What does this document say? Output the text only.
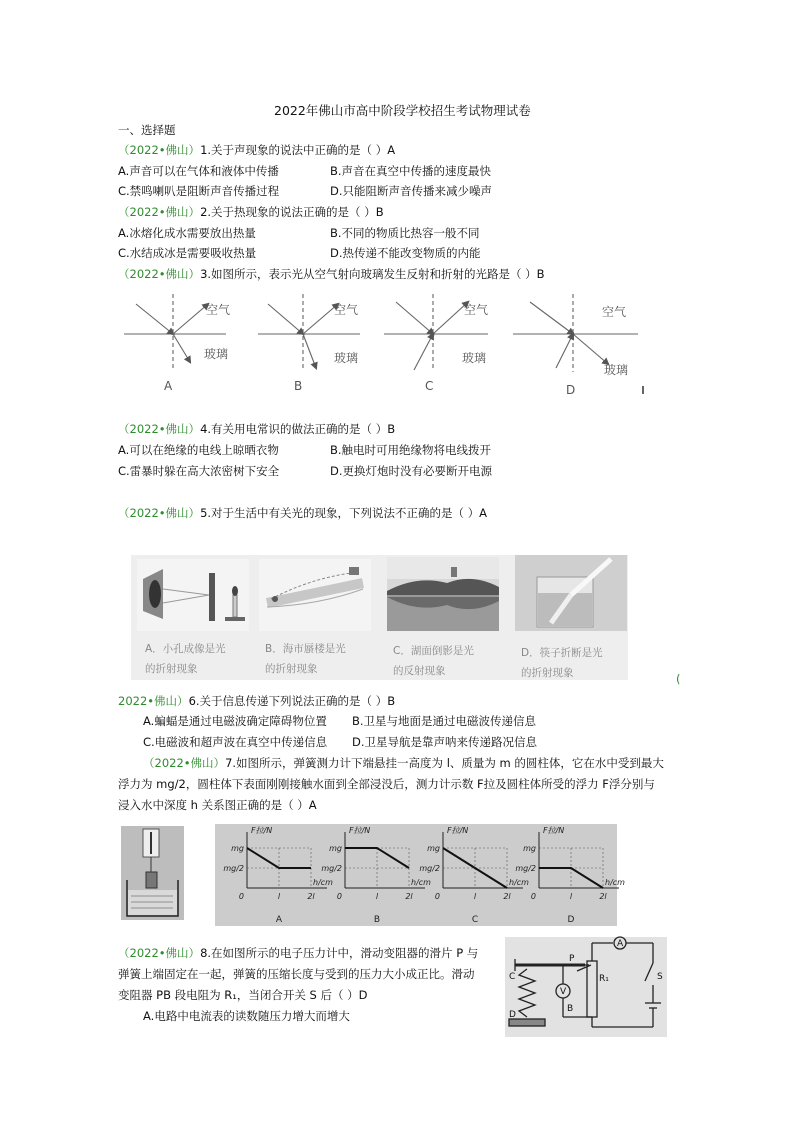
2022年佛山市高中阶段学校招生考试物理试卷
一、选择题
（2022•佛山）1.关于声现象的说法中正确的是（ ）A
A.声音可以在气体和液体中传播	B.声音在真空中传播的速度最快
C.禁鸣喇叭是阻断声音传播过程	D.只能阻断声音传播来减少噪声
（2022•佛山）2.关于热现象的说法正确的是（ ）B
A.冰熔化成水需要放出热量	B.不同的物质比热容一般不同
C.水结成冰是需要吸收热量	D.热传递不能改变物质的内能
（2022•佛山）3.如图所示，表示光从空气射向玻璃发生反射和折射的光路是（ ）B
空气
玻璃
空气
玻璃
空气
玻璃
空气
玻璃
A	B	C	D
（2022•佛山）4.有关用电常识的做法正确的是（ ）B
A.可以在绝缘的电线上晾晒衣物	B.触电时可用绝缘物将电线拨开
C.雷暴时躲在高大浓密树下安全	D.更换灯炮时没有必要断开电源
（2022•佛山）5.对于生活中有关光的现象，下列说法不正确的是（ ）A
A．小孔成像是光
的折射现象
B．海市蜃楼是光
的折射现象
C．湖面倒影是光
的反射现象
D．筷子折断是光
的折射现象	(
2022•佛山）6.关于信息传递下列说法正确的是（ ）B
A.蝙蝠是通过电磁波确定障碍物位置 B.卫星与地面是通过电磁波传递信息
C.电磁波和超声波在真空中传递信息 D.卫星导航是靠声呐来传递路况信息
（2022•佛山）7.如图所示，弹簧测力计下端悬挂一高度为 l、质量为 m 的圆柱体，它在水中受到最大
浮力为 mg/2，圆柱体下表面刚刚接触水面到全部浸没后，测力计示数 F拉及圆柱体所受的浮力 F浮分别与
浸入水中深度 h 关系图正确的是（ ）A
F拉/N
mg
mg/2
h/cm
0	l	2l
A
F拉/N
mg
mg/2
h/cm
0	l	2l
B
F拉/N
mg
mg/2
h/cm
0	l	2l
C
F拉/N
mg
mg/2
h/cm
0	l	2l
D
（2022•佛山）8.在如图所示的电子压力计中，滑动变阻器的滑片 P 与
弹簧上端固定在一起，弹簧的压缩长度与受到的压力大小成正比。滑动
变阻器 PB 段电阻为 R₁，当闭合开关 S 后（ ）D
A.电路中电流表的读数随压力增大而增大
C
P
R₁
B
D
A
V
S
